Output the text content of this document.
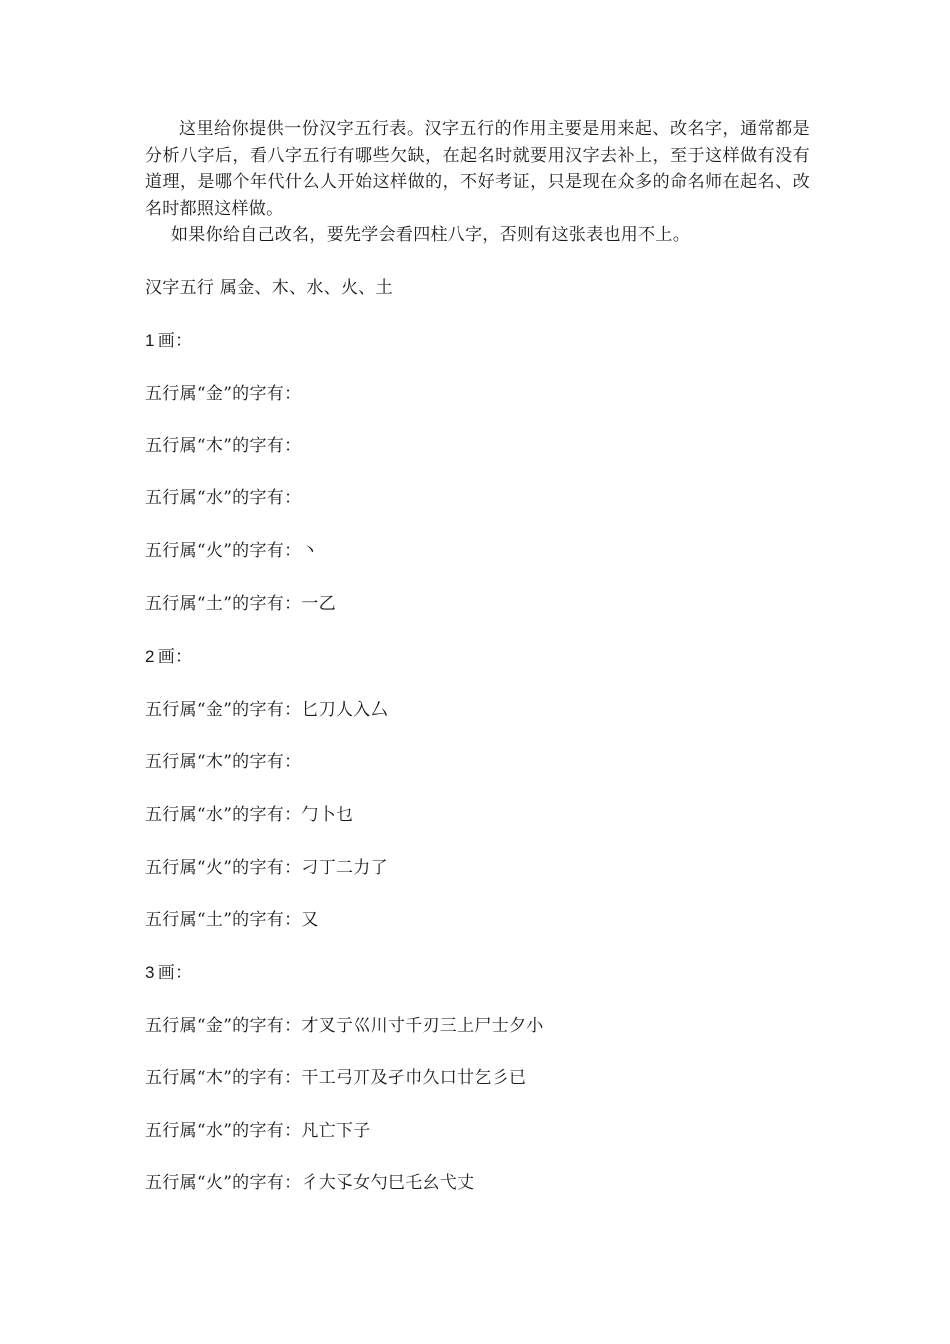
这里给你提供一份汉字五行表。汉字五行的作用主要是用来起、改名字，通常都是分析八字后，看八字五行有哪些欠缺，在起名时就要用汉字去补上，至于这样做有没有道理，是哪个年代什么人开始这样做的，不好考证，只是现在众多的命名师在起名、改名时都照这样做。

如果你给自己改名，要先学会看四柱八字，否则有这张表也用不上。

汉字五行 属金、木、水、火、土
1 画：
五行属“金”的字有：
五行属“木”的字有：
五行属“水”的字有：
五行属“火”的字有：丶
五行属“土”的字有：一乙
2 画：
五行属“金”的字有：匕刀人入厶
五行属“木”的字有：
五行属“水”的字有：勹卜乜
五行属“火”的字有：刁丁二力了
五行属“土”的字有：又
3 画：
五行属“金”的字有：才叉亍巛川寸千刃三上尸士夕小
五行属“木”的字有：干工弓丌及孑巾久口廿乞彡已
五行属“水”的字有：凡亡下子
五行属“火”的字有：彳大孓女勺巳乇幺弋丈
